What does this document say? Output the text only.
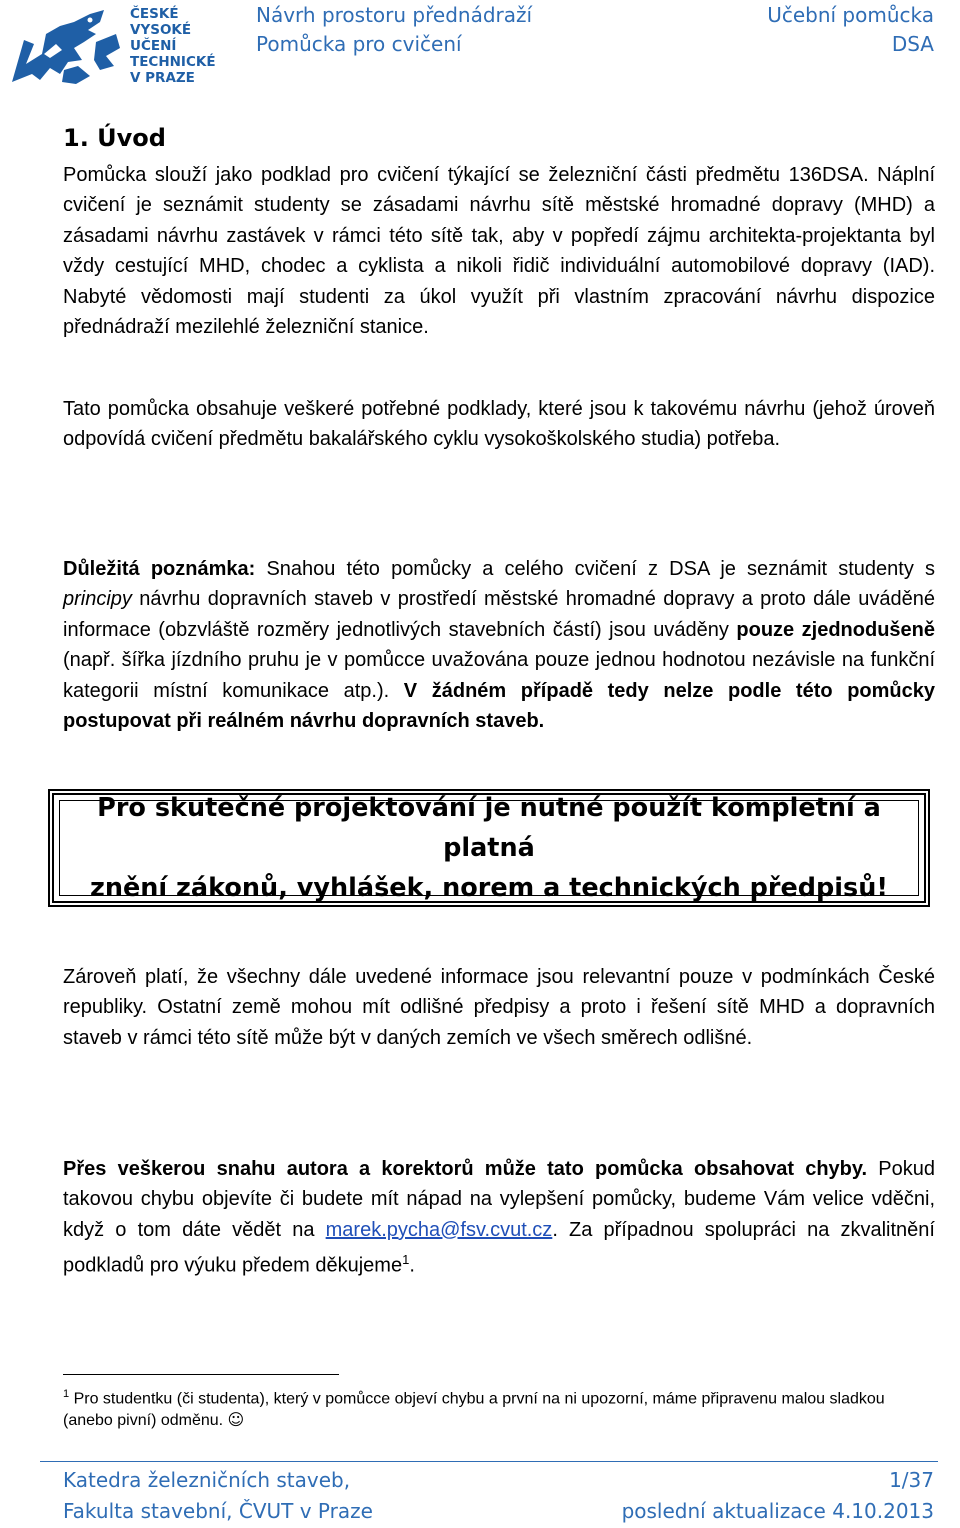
ČESKÉ
VYSOKÉ
UČENÍ
TECHNICKÉ
V PRAZE
Návrh prostoru přednádraží
Pomůcka pro cvičení
Učební pomůcka
DSA
1. Úvod

Pomůcka slouží jako podklad pro cvičení týkající se železniční části předmětu 136DSA. Náplní cvičení je seznámit studenty se zásadami návrhu sítě městské hromadné dopravy (MHD) a zásadami návrhu zastávek v rámci této sítě tak, aby v popředí zájmu architekta-projektanta byl vždy cestující MHD, chodec a cyklista a nikoli řidič individuální automobilové dopravy (IAD). Nabyté vědomosti mají studenti za úkol využít při vlastním zpracování návrhu dispozice přednádraží mezilehlé železniční stanice.

Tato pomůcka obsahuje veškeré potřebné podklady, které jsou k takovému návrhu (jehož úroveň odpovídá cvičení předmětu bakalářského cyklu vysokoškolského studia) potřeba.

Důležitá poznámka: Snahou této pomůcky a celého cvičení z DSA je seznámit studenty s principy návrhu dopravních staveb v prostředí městské hromadné dopravy a proto dále uváděné informace (obzvláště rozměry jednotlivých stavebních částí) jsou uváděny pouze zjednodušeně (např. šířka jízdního pruhu je v pomůcce uvažována pouze jednou hodnotou nezávisle na funkční kategorii místní komunikace atp.). V žádném případě tedy nelze podle této pomůcky postupovat při reálném návrhu dopravních staveb.

Pro skutečné projektování je nutné použít kompletní a platná
znění zákonů, vyhlášek, norem a technických předpisů!

Zároveň platí, že všechny dále uvedené informace jsou relevantní pouze v podmínkách České republiky. Ostatní země mohou mít odlišné předpisy a proto i řešení sítě MHD a dopravních staveb v rámci této sítě může být v daných zemích ve všech směrech odlišné.

Přes veškerou snahu autora a korektorů může tato pomůcka obsahovat chyby. Pokud takovou chybu objevíte či budete mít nápad na vylepšení pomůcky, budeme Vám velice vděčni, když o tom dáte vědět na marek.pycha@fsv.cvut.cz. Za případnou spolupráci na zkvalitnění podkladů pro výuku předem děkujeme$^1$.

$^1$ Pro studentku (či studenta), který v pomůcce objeví chybu a první na ni upozorní, máme připravenu malou sladkou (anebo pivní) odměnu. ☺
Katedra železničních staveb,
Fakulta stavební, ČVUT v Praze
1/37
poslední aktualizace 4.10.2013
